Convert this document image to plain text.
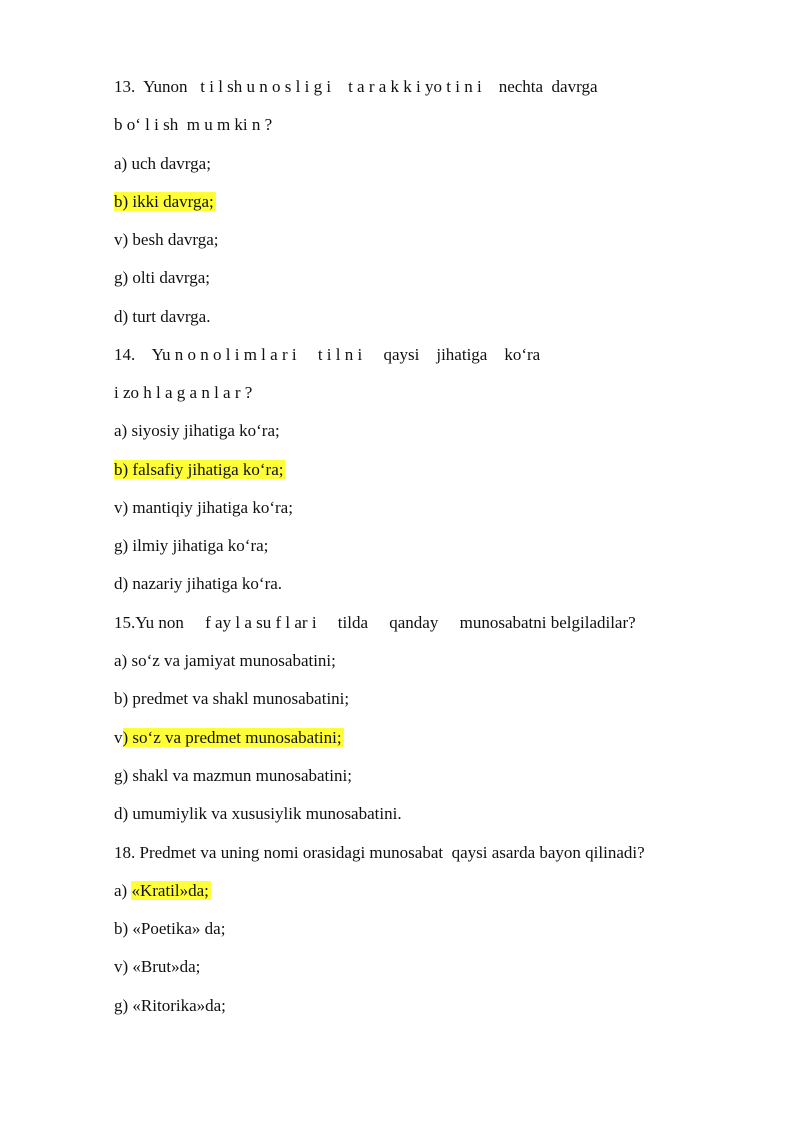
13.  Yunon   t i l sh u n o s l i g i    t a r a k k i yo t i n i    nechta  davrga
b o‘ l i sh  m u m ki n ?
a) uch davrga;
b) ikki davrga;
v) besh davrga;
g) olti davrga;
d) turt davrga.
14.    Yu n o n o l i m l a r i     t i l n i     qaysi    jihatiga    ko‘ra
i zo h l a g a n l a r ?
a) siyosiy jihatiga ko‘ra;
b) falsafiy jihatiga ko‘ra;
v) mantiqiy jihatiga ko‘ra;
g) ilmiy jihatiga ko‘ra;
d) nazariy jihatiga ko‘ra.
15.Yu non     f ay l a su f l ar i     tilda     qanday     munosabatni belgiladilar?
a) so‘z va jamiyat munosabatini;
b) predmet va shakl munosabatini;
v) so‘z va predmet munosabatini;
g) shakl va mazmun munosabatini;
d) umumiylik va xususiylik munosabatini.
18. Predmet va uning nomi orasidagi munosabat  qaysi asarda bayon qilinadi?
a) «Kratil»da;
b) «Poetika» da;
v) «Brut»da;
g) «Ritorika»da;
